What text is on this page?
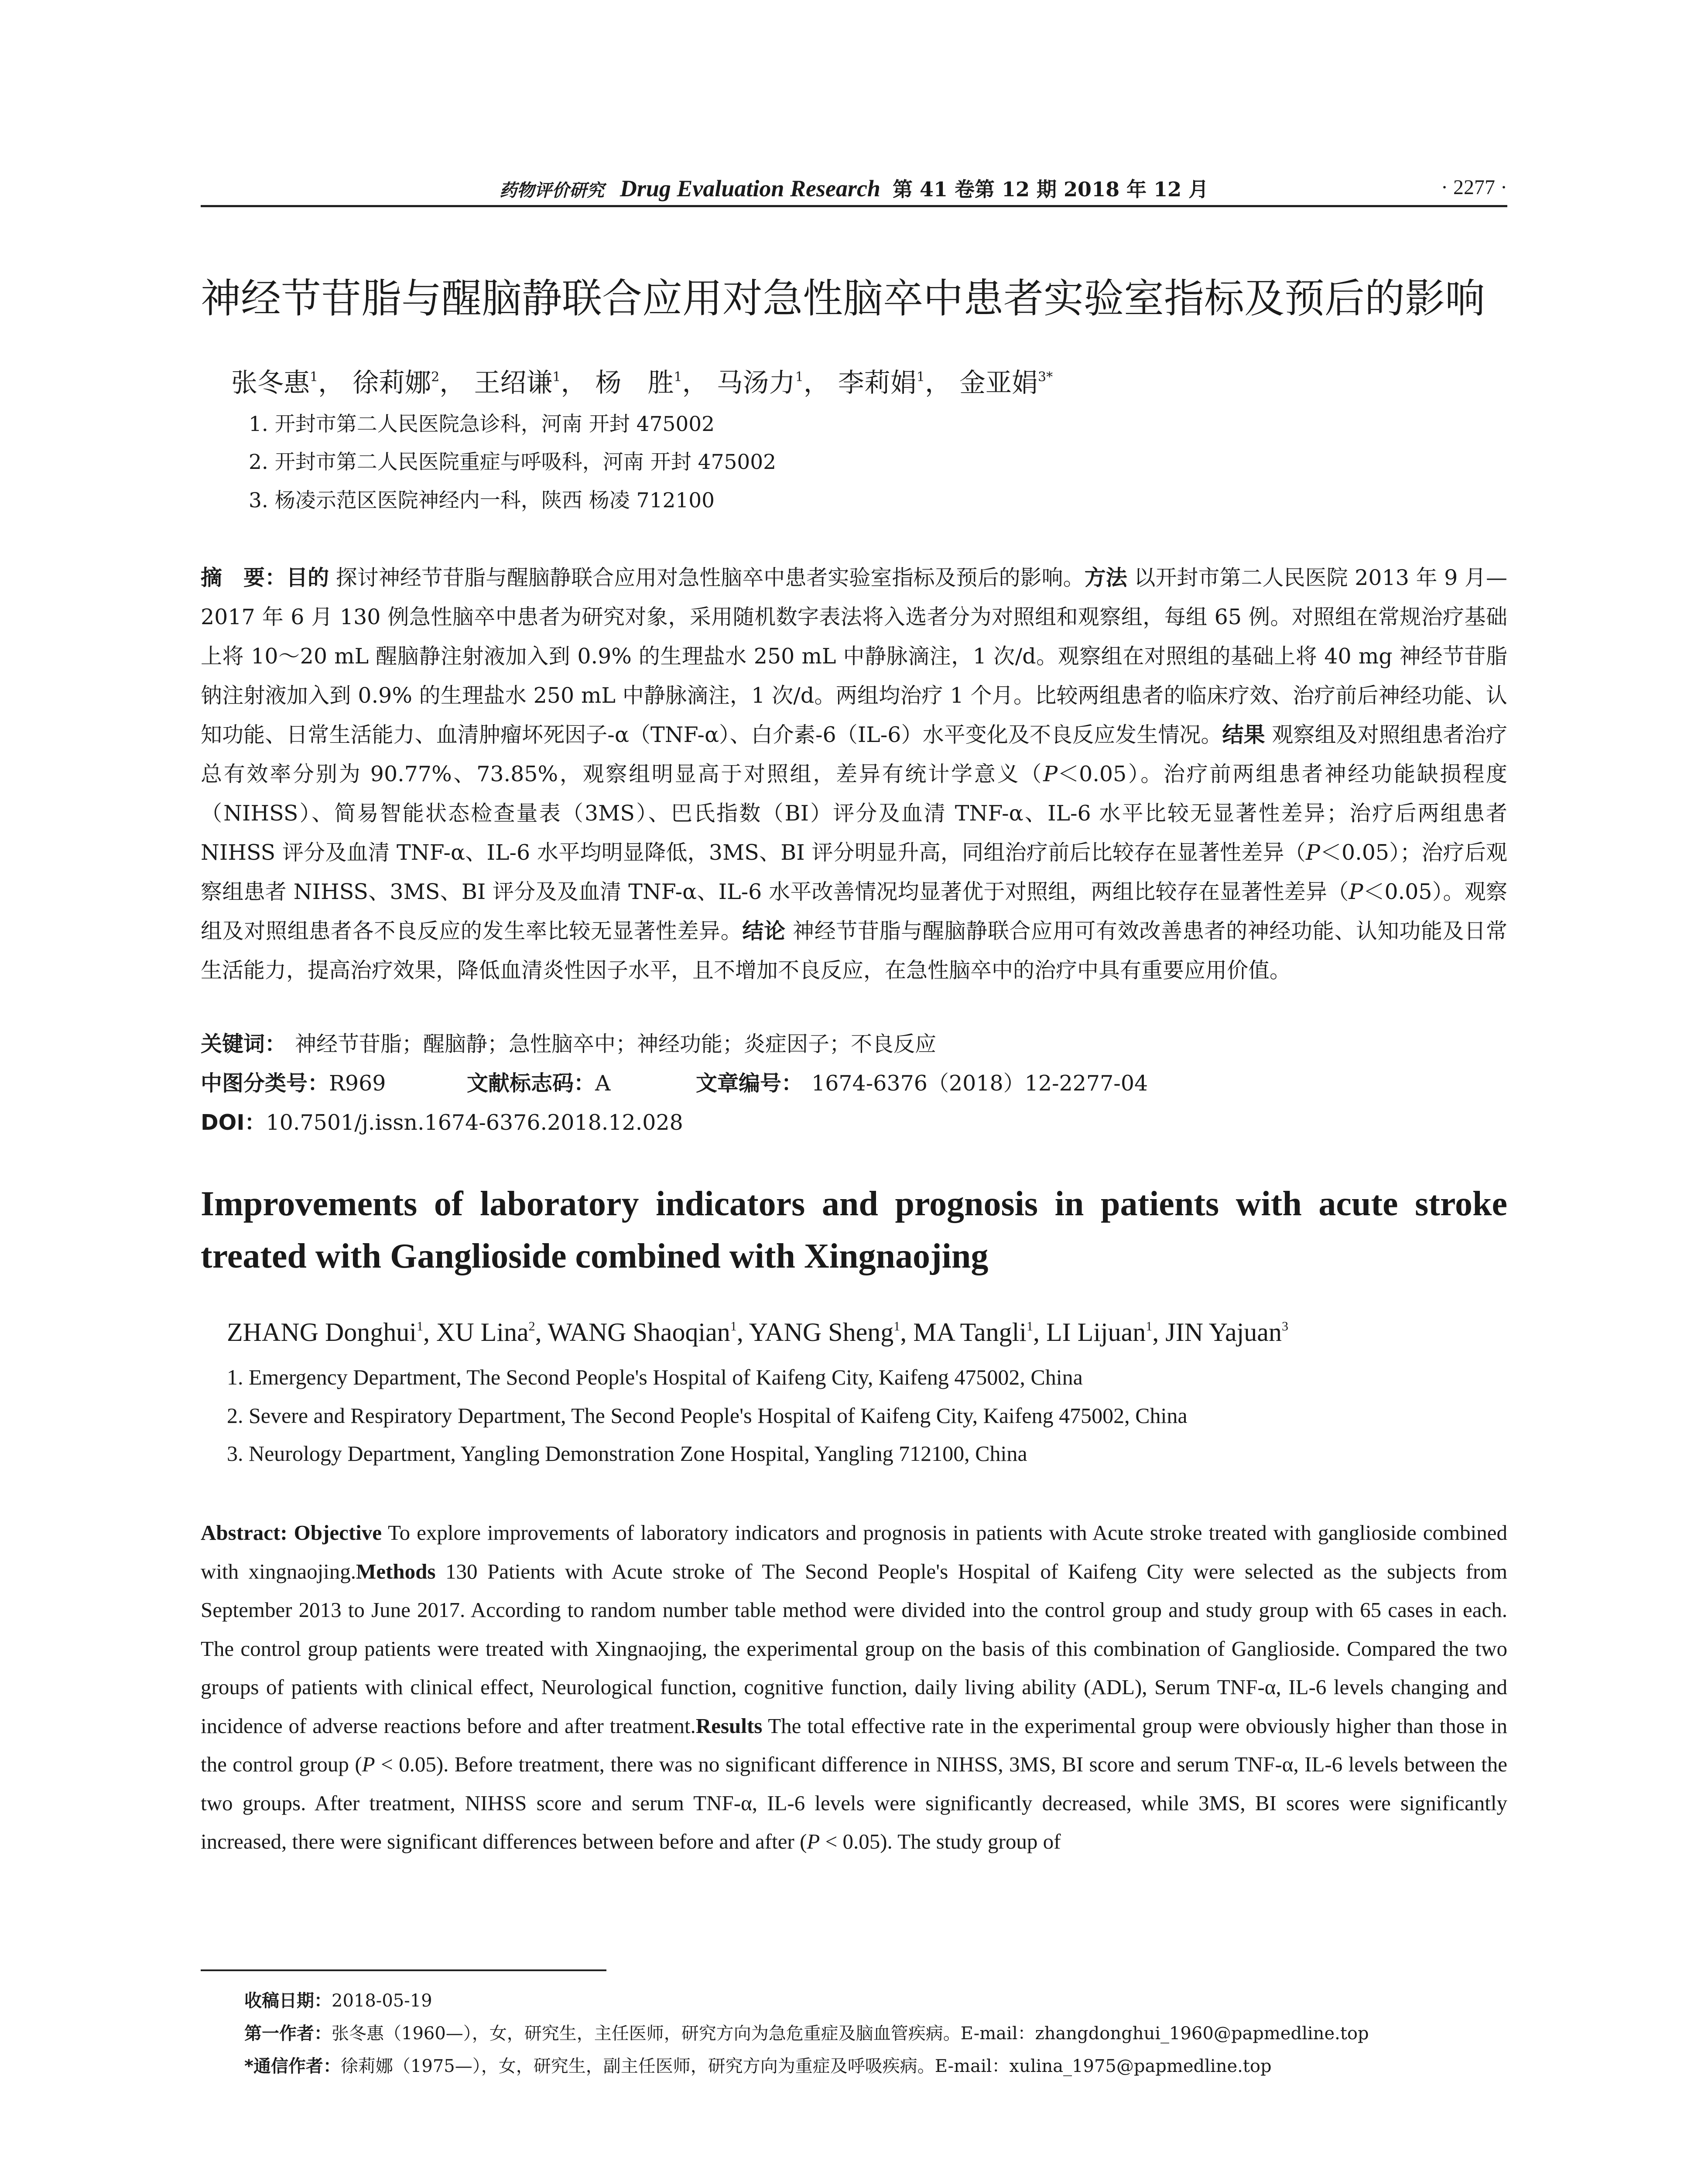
药物评价研究 Drug Evaluation Research 第 41 卷第 12 期 2018 年 12 月	· 2277 ·
神经节苷脂与醒脑静联合应用对急性脑卒中患者实验室指标及预后的影响
张冬惠$^1$， 徐莉娜$^2$， 王绍谦$^1$， 杨　胜$^1$， 马汤力$^1$， 李莉娟$^1$， 金亚娟$^{3*}$
1. 开封市第二人民医院急诊科，河南 开封 475002
2. 开封市第二人民医院重症与呼吸科，河南 开封 475002
3. 杨凌示范区医院神经内一科，陕西 杨凌 712100
摘　要：目的 探讨神经节苷脂与醒脑静联合应用对急性脑卒中患者实验室指标及预后的影响。方法 以开封市第二人民医院 2013 年 9 月—2017 年 6 月 130 例急性脑卒中患者为研究对象，采用随机数字表法将入选者分为对照组和观察组，每组 65 例。对照组在常规治疗基础上将 10～20 mL 醒脑静注射液加入到 0.9% 的生理盐水 250 mL 中静脉滴注，1 次/d。观察组在对照组的基础上将 40 mg 神经节苷脂钠注射液加入到 0.9% 的生理盐水 250 mL 中静脉滴注，1 次/d。两组均治疗 1 个月。比较两组患者的临床疗效、治疗前后神经功能、认知功能、日常生活能力、血清肿瘤坏死因子-α（TNF-α）、白介素-6（IL-6）水平变化及不良反应发生情况。结果 观察组及对照组患者治疗总有效率分别为 90.77%、73.85%，观察组明显高于对照组，差异有统计学意义（P＜0.05）。治疗前两组患者神经功能缺损程度（NIHSS）、简易智能状态检查量表（3MS）、巴氏指数（BI）评分及血清 TNF-α、IL-6 水平比较无显著性差异；治疗后两组患者 NIHSS 评分及血清 TNF-α、IL-6 水平均明显降低，3MS、BI 评分明显升高，同组治疗前后比较存在显著性差异（P＜0.05）；治疗后观察组患者 NIHSS、3MS、BI 评分及及血清 TNF-α、IL-6 水平改善情况均显著优于对照组，两组比较存在显著性差异（P＜0.05）。观察组及对照组患者各不良反应的发生率比较无显著性差异。结论 神经节苷脂与醒脑静联合应用可有效改善患者的神经功能、认知功能及日常生活能力，提高治疗效果，降低血清炎性因子水平，且不增加不良反应，在急性脑卒中的治疗中具有重要应用价值。
关键词： 神经节苷脂；醒脑静；急性脑卒中；神经功能；炎症因子；不良反应
中图分类号：R969	文献标志码：A	文章编号： 1674-6376（2018）12-2277-04
DOI：10.7501/j.issn.1674-6376.2018.12.028
Improvements of laboratory indicators and prognosis in patients with acute stroke treated with Ganglioside combined with Xingnaojing
ZHANG Donghui$^1$, XU Lina$^2$, WANG Shaoqian$^1$, YANG Sheng$^1$, MA Tangli$^1$, LI Lijuan$^1$, JIN Yajuan$^3$
1. Emergency Department, The Second People's Hospital of Kaifeng City, Kaifeng 475002, China
2. Severe and Respiratory Department, The Second People's Hospital of Kaifeng City, Kaifeng 475002, China
3. Neurology Department, Yangling Demonstration Zone Hospital, Yangling 712100, China
Abstract: Objective To explore improvements of laboratory indicators and prognosis in patients with Acute stroke treated with ganglioside combined with xingnaojing.Methods 130 Patients with Acute stroke of The Second People's Hospital of Kaifeng City were selected as the subjects from September 2013 to June 2017. According to random number table method were divided into the control group and study group with 65 cases in each. The control group patients were treated with Xingnaojing, the experimental group on the basis of this combination of Ganglioside. Compared the two groups of patients with clinical effect, Neurological function, cognitive function, daily living ability (ADL), Serum TNF-α, IL-6 levels changing and incidence of adverse reactions before and after treatment.Results The total effective rate in the experimental group were obviously higher than those in the control group (P < 0.05). Before treatment, there was no significant difference in NIHSS, 3MS, BI score and serum TNF-α, IL-6 levels between the two groups. After treatment, NIHSS score and serum TNF-α, IL-6 levels were significantly decreased, while 3MS, BI scores were significantly increased, there were significant differences between before and after (P < 0.05). The study group of
收稿日期：2018-05-19
第一作者：张冬惠（1960—），女，研究生，主任医师，研究方向为急危重症及脑血管疾病。E-mail：zhangdonghui_1960@papmedline.top
*通信作者：徐莉娜（1975—），女，研究生，副主任医师，研究方向为重症及呼吸疾病。E-mail：xulina_1975@papmedline.top
